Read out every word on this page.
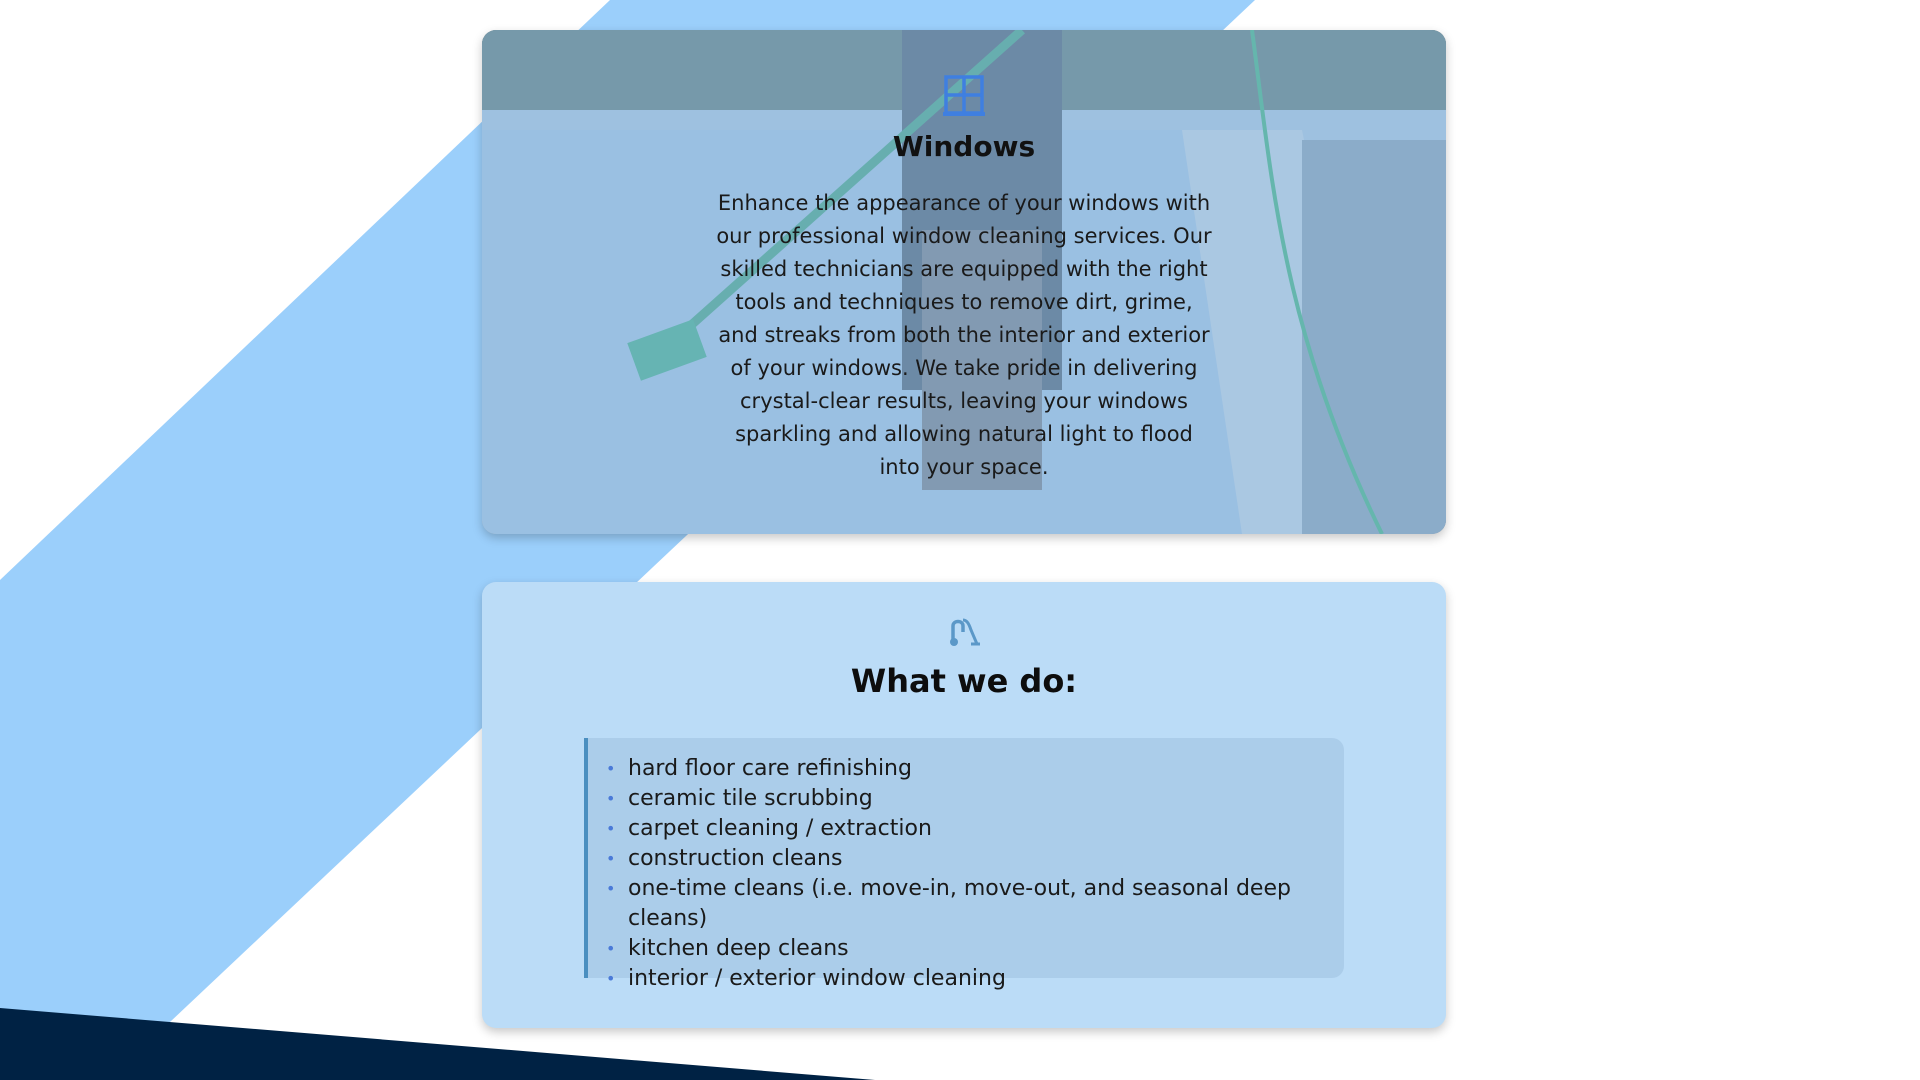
Windows

Enhance the appearance of your windows with our professional window cleaning services. Our skilled technicians are equipped with the right tools and techniques to remove dirt, grime, and streaks from both the interior and exterior of your windows. We take pride in delivering crystal-clear results, leaving your windows sparkling and allowing natural light to flood into your space.

What we do:
• hard floor care refinishing
• ceramic tile scrubbing
• carpet cleaning / extraction
• construction cleans
• one-time cleans (i.e. move-in, move-out, and seasonal deep cleans)
• kitchen deep cleans
• interior / exterior window cleaning
